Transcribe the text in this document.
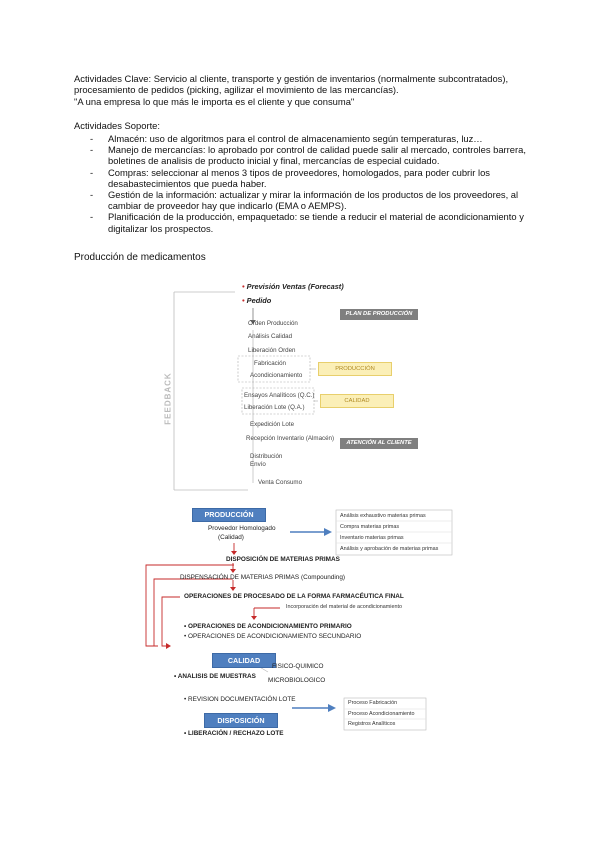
Actividades Clave: Servicio al cliente, transporte y gestión de inventarios (normalmente subcontratados),
procesamiento de pedidos (picking, agilizar el movimiento de las mercancías).
"A una empresa lo que más le importa es el cliente y que consuma"
Actividades Soporte:
- Almacén: uso de algoritmos para el control de almacenamiento según temperaturas, luz…
- Manejo de mercancías: lo aprobado por control de calidad puede salir al mercado, controles barrera,
boletines de analisis de producto inicial y final, mercancías de especial cuidado.
- Compras: seleccionar al menos 3 tipos de proveedores, homologados, para poder cubrir los
desabastecimientos que pueda haber.
- Gestión de la información: actualizar y mirar la información de los productos de los proveedores, al
cambiar de proveedor hay que indicarlo (EMA o AEMPS).
- Planificación de la producción, empaquetado: se tiende a reducir el material de acondicionamiento y
digitalizar los prospectos.
Producción de medicamentos
• Previsión Ventas (Forecast)
• Pedido
FEEDBACK
PLAN DE PRODUCCIÓN
ATENCIÓN AL CLIENTE
PRODUCCIÓN
CALIDAD
Orden Producción
Análisis Calidad
Liberación Orden
Fabricación
Acondicionamiento
Ensayos Analíticos (Q.C.)
Liberación Lote (Q.A.)
Expedición Lote
Recepción Inventario (Almacén)
Distribución
Envío
Venta Consumo
PRODUCCIÓN
Proveedor Homologado
(Calidad)
Análisis exhaustivo materias primas
Compra materias primas
Inventario materias primas
Análisis y aprobación de materias primas
DISPOSICIÓN DE MATERIAS PRIMAS
DISPENSACIÓN DE MATERIAS PRIMAS (Compounding)
OPERACIONES DE PROCESADO DE LA FORMA FARMACÉUTICA FINAL
Incorporación del material de acondicionamiento
• OPERACIONES DE ACONDICIONAMIENTO PRIMARIO
• OPERACIONES DE ACONDICIONAMIENTO SECUNDARIO
CALIDAD
FISICO-QUIMICO
• ANALISIS DE MUESTRAS
MICROBIOLOGICO
• REVISION DOCUMENTACIÓN LOTE	Proceso Fabricación
Proceso Acondicionamiento
Registros Analíticos
DISPOSICIÓN
• LIBERACIÓN / RECHAZO LOTE
